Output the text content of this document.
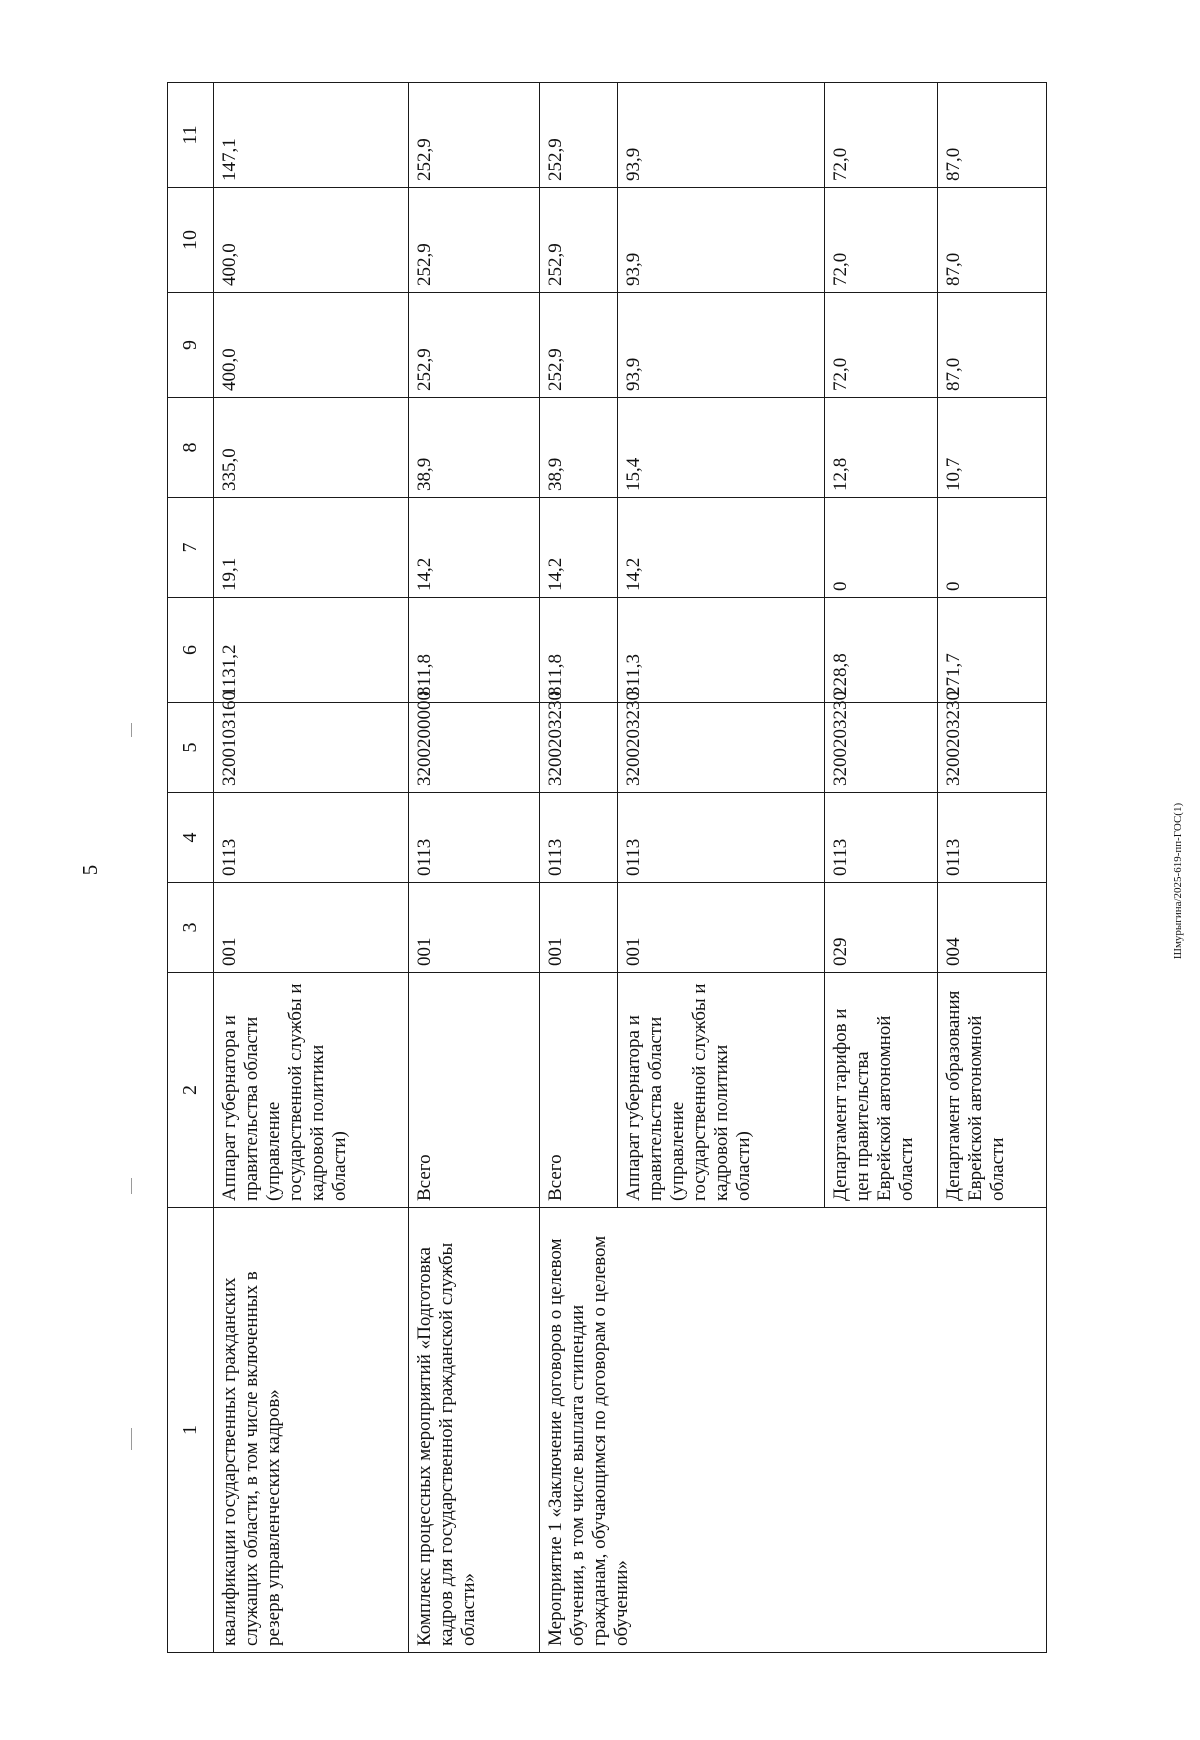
5	Шмурыгина/2025-619-пп-ГОС(1)
1	2	3	4	5	6	7	8	9	10	11
квалификации государственных гражданских служащих области, в том числе включенных в резерв управленческих кадров»	Аппарат губернатора и правительства области (управление государственной службы и кадровой политики области)	001	0113	3200103160	1131,2	19,1	335,0	400,0	400,0	147,1
Комплекс процессных мероприятий «Подготовка кадров для государственной гражданской службы области»	Всего	001	0113	3200200000	811,8	14,2	38,9	252,9	252,9	252,9
Мероприятие 1 «Заключение договоров о целевом обучении, в том числе выплата стипендии гражданам, обучающимся по договорам о целевом обучении»	Всего	001	0113	3200203230	811,8	14,2	38,9	252,9	252,9	252,9
	Аппарат губернатора и правительства области (управление государственной службы и кадровой политики области)	001	0113	3200203230	311,3	14,2	15,4	93,9	93,9	93,9
	Департамент тарифов и цен правительства Еврейской автономной области	029	0113	3200203230	228,8	0	12,8	72,0	72,0	72,0
	Департамент образования Еврейской автономной области	004	0113	3200203230	271,7	0	10,7	87,0	87,0	87,0
